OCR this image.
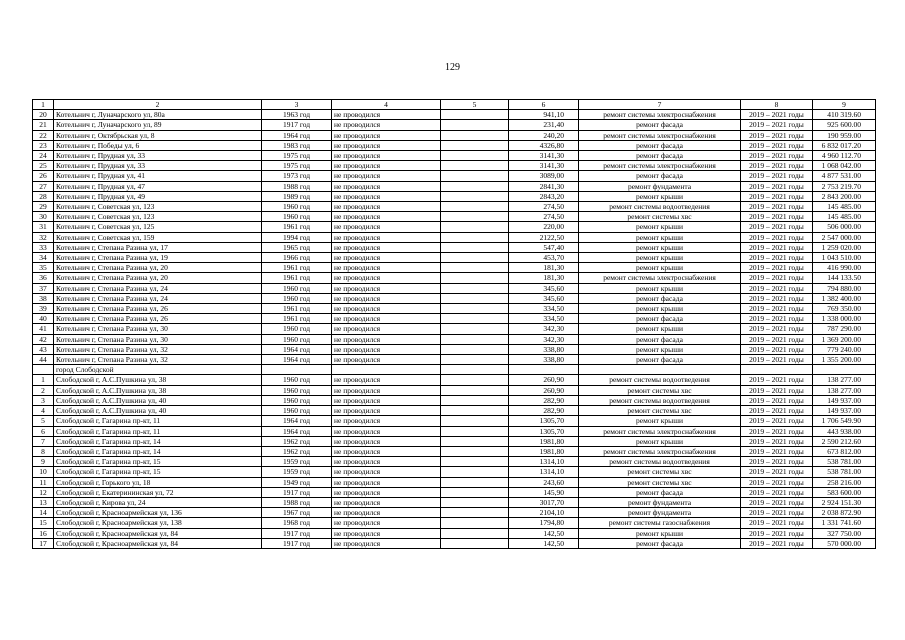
129
1	2	3	4	5	6	7	8	9
20	Котельнич г, Луначарского ул, 80а	1963 год	не проводился		941,10	ремонт системы электроснабжения	2019 – 2021 годы	410 319.60
21	Котельнич г, Луначарского ул, 89	1917 год	не проводился		231,40	ремонт фасада	2019 – 2021 годы	925 600.00
22	Котельнич г, Октябрьская ул, 8	1964 год	не проводился		240,20	ремонт системы электроснабжения	2019 – 2021 годы	190 959.00
23	Котельнич г, Победы ул, 6	1983 год	не проводился		4326,80	ремонт фасада	2019 – 2021 годы	6 832 017.20
24	Котельнич г, Прудная ул, 33	1975 год	не проводился		3141,30	ремонт фасада	2019 – 2021 годы	4 960 112.70
25	Котельнич г, Прудная ул, 33	1975 год	не проводился		3141,30	ремонт системы электроснабжения	2019 – 2021 годы	1 068 042.00
26	Котельнич г, Прудная ул, 41	1973 год	не проводился		3089,00	ремонт фасада	2019 – 2021 годы	4 877 531.00
27	Котельнич г, Прудная ул, 47	1988 год	не проводился		2841,30	ремонт фундамента	2019 – 2021 годы	2 753 219.70
28	Котельнич г, Прудная ул, 49	1989 год	не проводился		2843,20	ремонт крыши	2019 – 2021 годы	2 843 200.00
29	Котельнич г, Советская ул, 123	1960 год	не проводился		274,50	ремонт системы водоотведения	2019 – 2021 годы	145 485.00
30	Котельнич г, Советская ул, 123	1960 год	не проводился		274,50	ремонт системы хвс	2019 – 2021 годы	145 485.00
31	Котельнич г, Советская ул, 125	1961 год	не проводился		220,00	ремонт крыши	2019 – 2021 годы	506 000.00
32	Котельнич г, Советская ул, 159	1994 год	не проводился		2122,50	ремонт крыши	2019 – 2021 годы	2 547 000.00
33	Котельнич г, Степана Разина ул, 17	1965 год	не проводился		547,40	ремонт крыши	2019 – 2021 годы	1 259 020.00
34	Котельнич г, Степана Разина ул, 19	1966 год	не проводился		453,70	ремонт крыши	2019 – 2021 годы	1 043 510.00
35	Котельнич г, Степана Разина ул, 20	1961 год	не проводился		181,30	ремонт крыши	2019 – 2021 годы	416 990.00
36	Котельнич г, Степана Разина ул, 20	1961 год	не проводился		181,30	ремонт системы электроснабжения	2019 – 2021 годы	144 133.50
37	Котельнич г, Степана Разина ул, 24	1960 год	не проводился		345,60	ремонт крыши	2019 – 2021 годы	794 880.00
38	Котельнич г, Степана Разина ул, 24	1960 год	не проводился		345,60	ремонт фасада	2019 – 2021 годы	1 382 400.00
39	Котельнич г, Степана Разина ул, 26	1961 год	не проводился		334,50	ремонт крыши	2019 – 2021 годы	769 350.00
40	Котельнич г, Степана Разина ул, 26	1961 год	не проводился		334,50	ремонт фасада	2019 – 2021 годы	1 338 000.00
41	Котельнич г, Степана Разина ул, 30	1960 год	не проводился		342,30	ремонт крыши	2019 – 2021 годы	787 290.00
42	Котельнич г, Степана Разина ул, 30	1960 год	не проводился		342,30	ремонт фасада	2019 – 2021 годы	1 369 200.00
43	Котельнич г, Степана Разина ул, 32	1964 год	не проводился		338,80	ремонт крыши	2019 – 2021 годы	779 240.00
44	Котельнич г, Степана Разина ул, 32	1964 год	не проводился		338,80	ремонт фасада	2019 – 2021 годы	1 355 200.00
	город Слободской							
1	Слободской г, А.С.Пушкина ул, 38	1960 год	не проводился		260,90	ремонт системы водоотведения	2019 – 2021 годы	138 277.00
2	Слободской г, А.С.Пушкина ул, 38	1960 год	не проводился		260,90	ремонт системы хвс	2019 – 2021 годы	138 277.00
3	Слободской г, А.С.Пушкина ул, 40	1960 год	не проводился		282,90	ремонт системы водоотведения	2019 – 2021 годы	149 937.00
4	Слободской г, А.С.Пушкина ул, 40	1960 год	не проводился		282,90	ремонт системы хвс	2019 – 2021 годы	149 937.00
5	Слободской г, Гагарина пр-кт, 11	1964 год	не проводился		1305,70	ремонт крыши	2019 – 2021 годы	1 706 549.90
6	Слободской г, Гагарина пр-кт, 11	1964 год	не проводился		1305,70	ремонт системы электроснабжения	2019 – 2021 годы	443 938.00
7	Слободской г, Гагарина пр-кт, 14	1962 год	не проводился		1981,80	ремонт крыши	2019 – 2021 годы	2 590 212.60
8	Слободской г, Гагарина пр-кт, 14	1962 год	не проводился		1981,80	ремонт системы электроснабжения	2019 – 2021 годы	673 812.00
9	Слободской г, Гагарина пр-кт, 15	1959 год	не проводился		1314,10	ремонт системы водоотведения	2019 – 2021 годы	538 781.00
10	Слободской г, Гагарина пр-кт, 15	1959 год	не проводился		1314,10	ремонт системы хвс	2019 – 2021 годы	538 781.00
11	Слободской г, Горького ул, 18	1949 год	не проводился		243,60	ремонт системы хвс	2019 – 2021 годы	258 216.00
12	Слободской г, Екатерининская ул, 72	1917 год	не проводился		145,90	ремонт фасада	2019 – 2021 годы	583 600.00
13	Слободской г, Кирова ул, 24	1988 год	не проводился		3017,70	ремонт фундамента	2019 – 2021 годы	2 924 151.30
14	Слободской г, Красноармейская ул, 136	1967 год	не проводился		2104,10	ремонт фундамента	2019 – 2021 годы	2 038 872.90
15	Слободской г, Красноармейская ул, 138	1968 год	не проводился		1794,80	ремонт системы газоснабжения	2019 – 2021 годы	1 331 741.60
16	Слободской г, Красноармейская ул, 84	1917 год	не проводился		142,50	ремонт крыши	2019 – 2021 годы	327 750.00
17	Слободской г, Красноармейская ул, 84	1917 год	не проводился		142,50	ремонт фасада	2019 – 2021 годы	570 000.00
